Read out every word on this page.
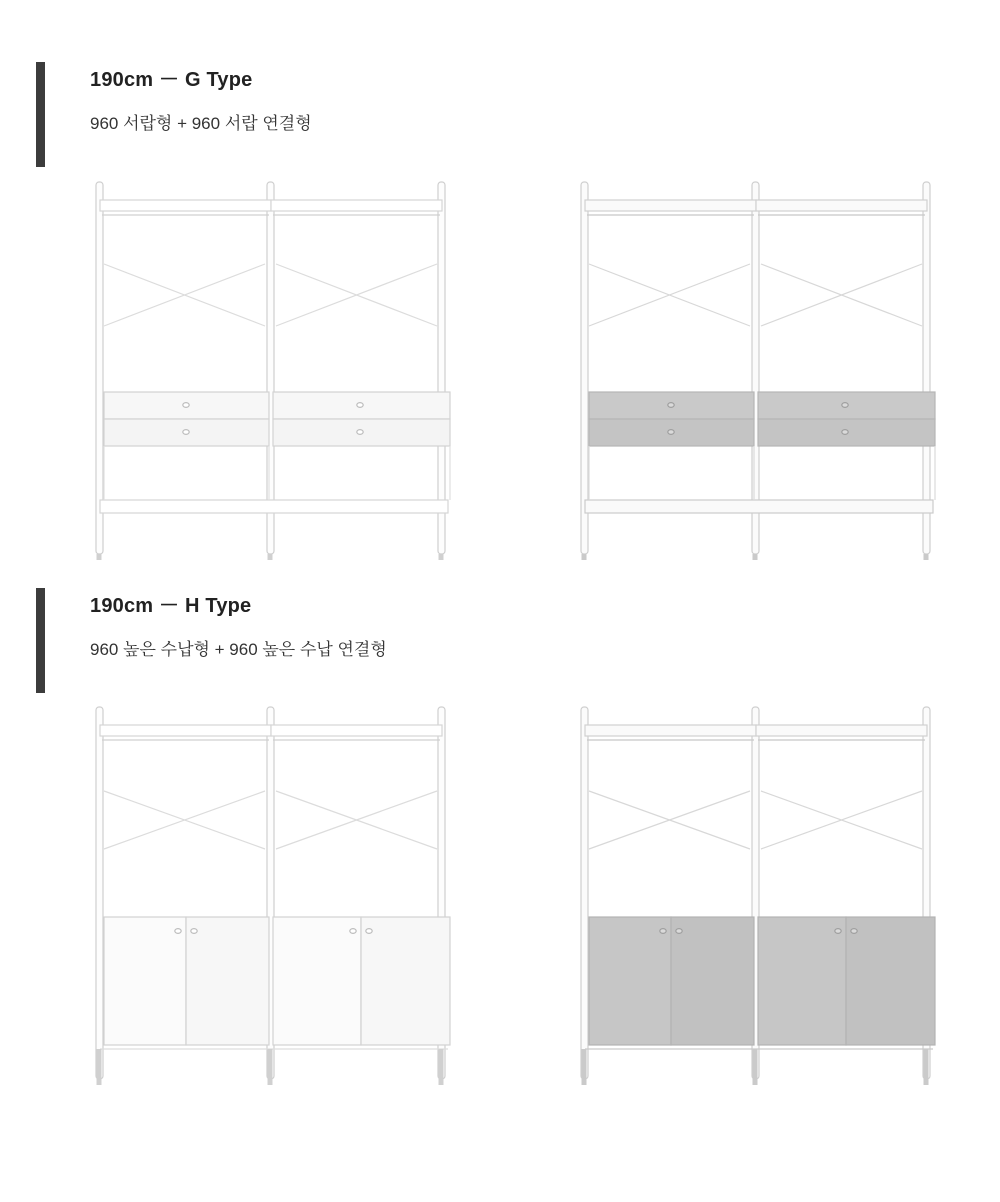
190cm － G Type

960 서랍형 + 960 서랍 연결형

190cm － H Type

960 높은 수납형 + 960 높은 수납 연결형
